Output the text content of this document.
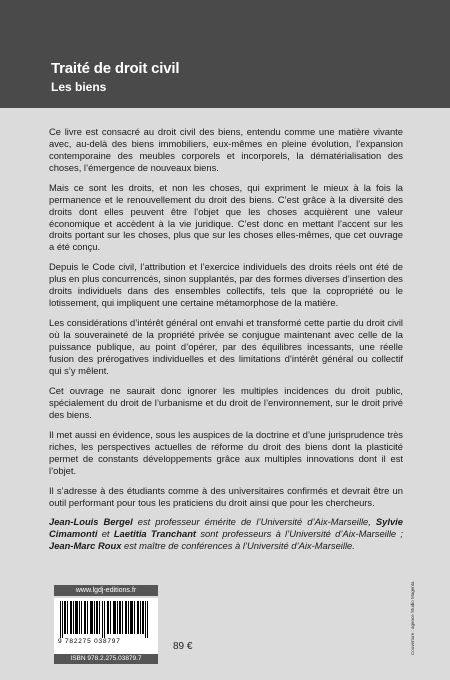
Traité de droit civil
Les biens

Ce livre est consacré au droit civil des biens, entendu comme une matière vivante avec, au-delà des biens immobiliers, eux-mêmes en pleine évolution, l’expansion contemporaine des meubles corporels et incorporels, la dématérialisation des choses, l’émergence de nouveaux biens.

Mais ce sont les droits, et non les choses, qui expriment le mieux à la fois la permanence et le renouvellement du droit des biens. C’est grâce à la diversité des droits dont elles peuvent être l’objet que les choses acquièrent une valeur économique et accèdent à la vie juridique. C’est donc en mettant l’accent sur les droits portant sur les choses, plus que sur les choses elles-mêmes, que cet ouvrage a été conçu.

Depuis le Code civil, l’attribution et l’exercice individuels des droits réels ont été de plus en plus concurrencés, sinon supplantés, par des formes diverses d’insertion des droits individuels dans des ensembles collectifs, tels que la copropriété ou le lotissement, qui impliquent une certaine métamorphose de la matière.

Les considérations d’intérêt général ont envahi et transformé cette partie du droit civil où la souveraineté de la propriété privée se conjugue maintenant avec celle de la puissance publique, au point d’opérer, par des équilibres incessants, une réelle fusion des prérogatives individuelles et des limitations d’intérêt général ou collectif qui s’y mêlent.

Cet ouvrage ne saurait donc ignorer les multiples incidences du droit public, spécialement du droit de l’urbanisme et du droit de l’environnement, sur le droit privé des biens.

Il met aussi en évidence, sous les auspices de la doctrine et d’une jurisprudence très riches, les perspectives actuelles de réforme du droit des biens dont la plasticité permet de constants développements grâce aux multiples innovations dont il est l’objet.

Il s’adresse à des étudiants comme à des universitaires confirmés et devrait être un outil performant pour tous les praticiens du droit ainsi que pour les chercheurs.

Jean-Louis Bergel est professeur émérite de l’Université d’Aix-Marseille, Sylvie Cimamonti et Laetitia Tranchant sont professeurs à l’Université d’Aix-Marseille ; Jean-Marc Roux est maître de conférences à l’Université d’Aix-Marseille.
www.lgdj-editions.fr
9 782275 038797
ISBN 978.2.275.03879.7
89 €	Couverture : agence Studio Magenta
